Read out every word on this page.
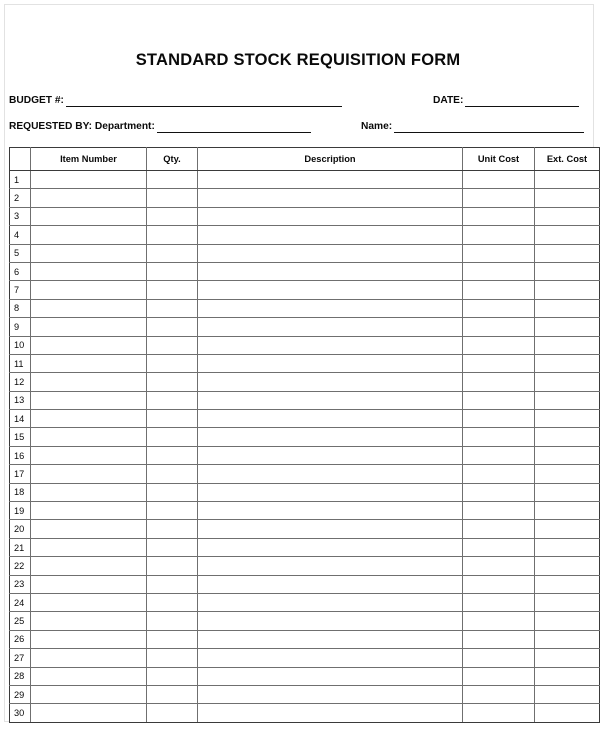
STANDARD STOCK REQUISITION FORM
BUDGET #:	DATE:
REQUESTED BY: Department:	Name:
	Item Number	Qty.	Description	Unit Cost	Ext. Cost
1					
2					
3					
4					
5					
6					
7					
8					
9					
10					
11					
12					
13					
14					
15					
16					
17					
18					
19					
20					
21					
22					
23					
24					
25					
26					
27					
28					
29					
30					
